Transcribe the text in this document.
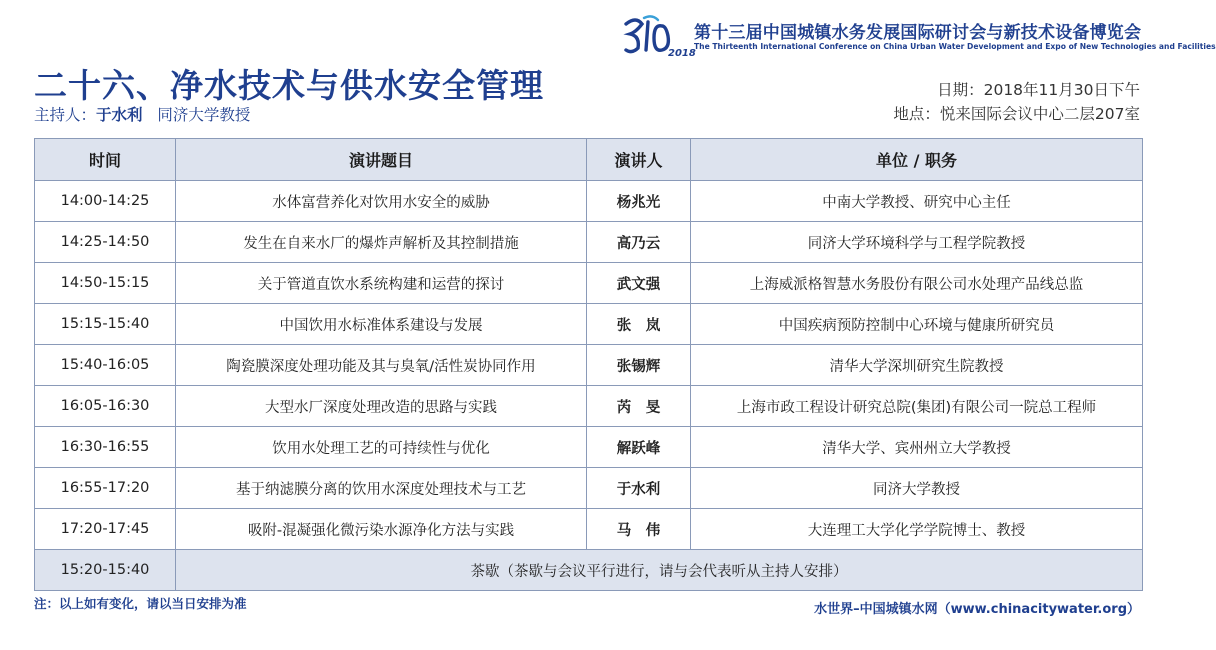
2018
第十三届中国城镇水务发展国际研讨会与新技术设备博览会
The Thirteenth International Conference on China Urban Water Development and Expo of New Technologies and Facilities
二十六、净水技术与供水安全管理
主持人：于水利 同济大学教授
日期：2018年11月30日下午
地点：悦来国际会议中心二层207室
时间	演讲题目	演讲人	单位 / 职务
14:00-14:25	水体富营养化对饮用水安全的威胁	杨兆光	中南大学教授、研究中心主任
14:25-14:50	发生在自来水厂的爆炸声解析及其控制措施	高乃云	同济大学环境科学与工程学院教授
14:50-15:15	关于管道直饮水系统构建和运营的探讨	武文强	上海威派格智慧水务股份有限公司水处理产品线总监
15:15-15:40	中国饮用水标准体系建设与发展	张　岚	中国疾病预防控制中心环境与健康所研究员
15:40-16:05	陶瓷膜深度处理功能及其与臭氧/活性炭协同作用	张锡辉	清华大学深圳研究生院教授
16:05-16:30	大型水厂深度处理改造的思路与实践	芮　旻	上海市政工程设计研究总院(集团)有限公司一院总工程师
16:30-16:55	饮用水处理工艺的可持续性与优化	解跃峰	清华大学、宾州州立大学教授
16:55-17:20	基于纳滤膜分离的饮用水深度处理技术与工艺	于水利	同济大学教授
17:20-17:45	吸附-混凝强化微污染水源净化方法与实践	马　伟	大连理工大学化学学院博士、教授
15:20-15:40	茶歇（茶歇与会议平行进行，请与会代表听从主持人安排）		
注：以上如有变化，请以当日安排为准	水世界–中国城镇水网（www.chinacitywater.org）
